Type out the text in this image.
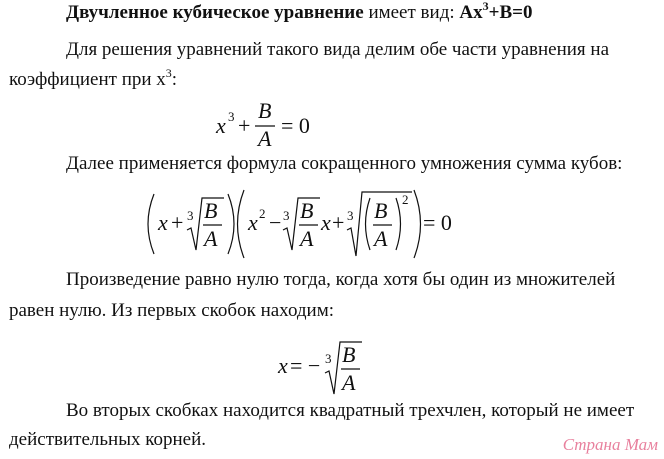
Двучленное кубическое уравнение имеет вид: $Ax^3+B=0$
Для решения уравнений такого вида делим обе части уравнения на
коэффициент при $x^3$:
x 3 +
B
A
= 0
Далее применяется формула сокращенного умножения сумма кубов:
x + 3 B
A
x 2 − 3 B
A
x + 3 B
A
2
= 0
Произведение равно нулю тогда, когда хотя бы один из множителей
равен нулю. Из первых скобок находим:
x = − 3 B
A
Во вторых скобках находится квадратный трехчлен, который не имеет
действительных корней.	Страна Мам
